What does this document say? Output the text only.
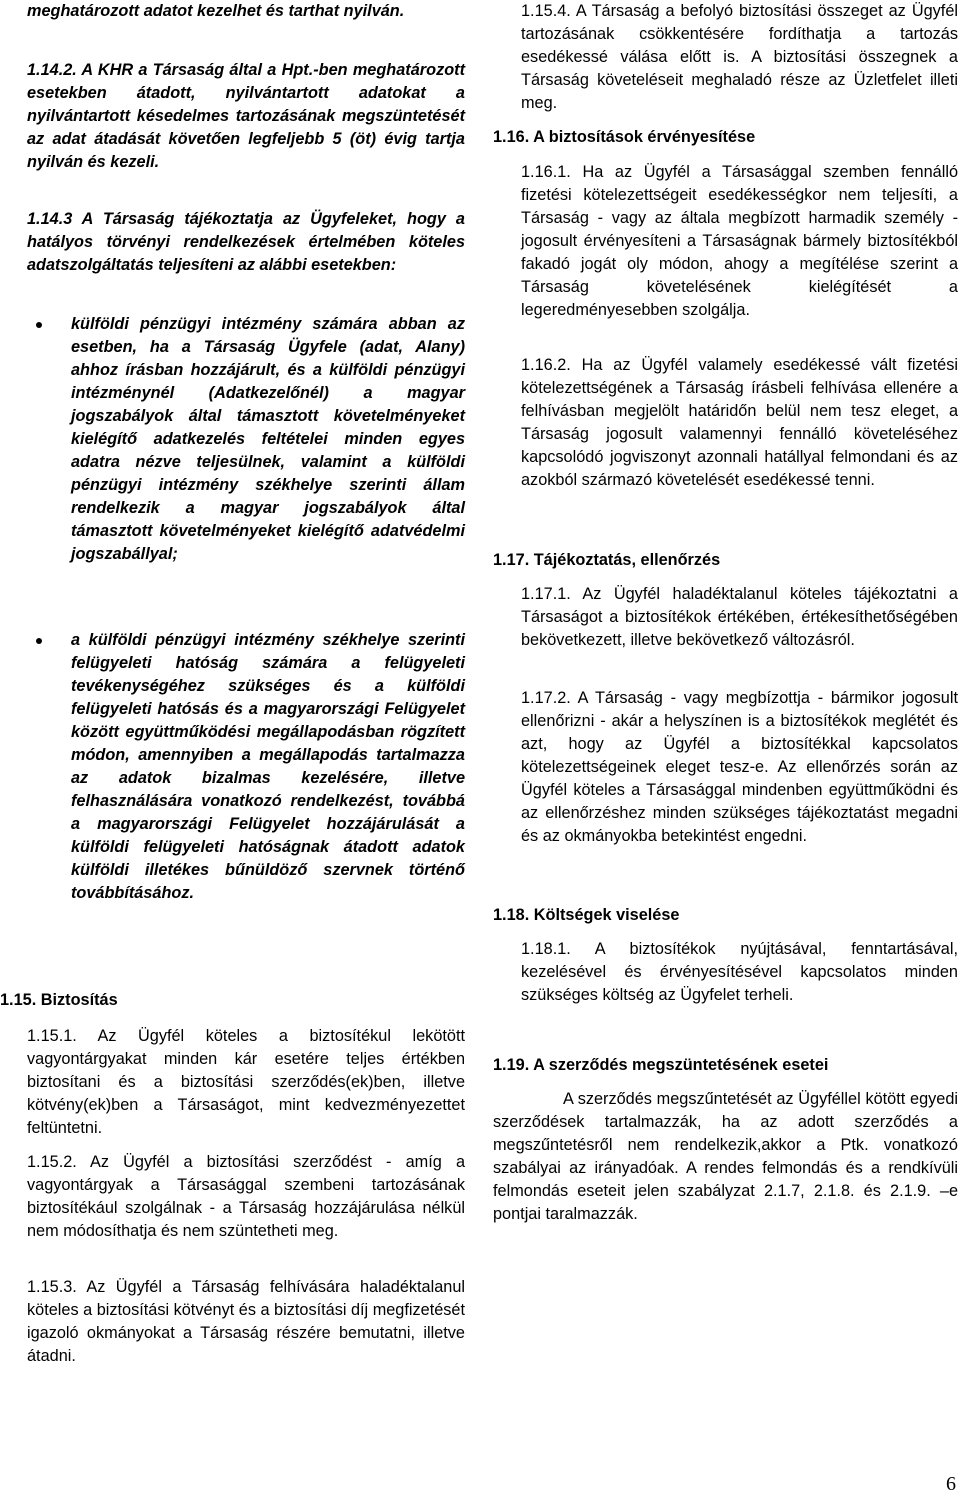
meghatározott adatot kezelhet és tarthat nyilván.

1.14.2. A KHR a Társaság által a Hpt.-ben meghatározott esetekben átadott, nyilvántartott adatokat a nyilvántartott késedelmes tartozásának megszüntetését az adat átadását követően legfeljebb 5 (öt) évig tartja nyilván és kezeli.

1.14.3 A Társaság tájékoztatja az Ügyfeleket, hogy a hatályos törvényi rendelkezések értelmében köteles adatszolgáltatás teljesíteni az alábbi esetekben:

külföldi pénzügyi intézmény számára abban az esetben, ha a Társaság Ügyfele (adat, Alany) ahhoz írásban hozzájárult, és a külföldi pénzügyi intézménynél (Adatkezelőnél) a magyar jogszabályok által támasztott követelményeket kielégítő adatkezelés feltételei minden egyes adatra nézve teljesülnek, valamint a külföldi pénzügyi intézmény székhelye szerinti állam rendelkezik a magyar jogszabályok által támasztott követelményeket kielégítő adatvédelmi jogszabállyal;
a külföldi pénzügyi intézmény székhelye szerinti felügyeleti hatóság számára a felügyeleti tevékenységéhez szükséges és a külföldi felügyeleti hatósás és a magyarországi Felügyelet között együttműködési megállapodásban rögzített módon, amennyiben a megállapodás tartalmazza az adatok bizalmas kezelésére, illetve felhasználására vonatkozó rendelkezést, továbbá a magyarországi Felügyelet hozzájárulását a külföldi felügyeleti hatóságnak átadott adatok külföldi illetékes bűnüldöző szervnek történő továbbításához.

1.15. Biztosítás

1.15.1. Az Ügyfél köteles a biztosítékul lekötött vagyontárgyakat minden kár esetére teljes értékben biztosítani és a biztosítási szerződés(ek)ben, illetve kötvény(ek)ben a Társaságot, mint kedvezményezettet feltüntetni.

1.15.2. Az Ügyfél a biztosítási szerződést - amíg a vagyontárgyak a Társasággal szembeni tartozásának biztosítékául szolgálnak - a Társaság hozzájárulása nélkül nem módosíthatja és nem szüntetheti meg.

1.15.3. Az Ügyfél a Társaság felhívására haladéktalanul köteles a biztosítási kötvényt és a biztosítási díj megfizetését igazoló okmányokat a Társaság részére bemutatni, illetve átadni.

1.15.4. A Társaság a befolyó biztosítási összeget az Ügyfél tartozásának csökkentésére fordíthatja a tartozás esedékessé válása előtt is. A biztosítási összegnek a Társaság követeléseit meghaladó része az Üzletfelet illeti meg.

1.16. A biztosítások érvényesítése

1.16.1. Ha az Ügyfél a Társasággal szemben fennálló fizetési kötelezettségeit esedékességkor nem teljesíti, a Társaság - vagy az általa megbízott harmadik személy - jogosult érvényesíteni a Társaságnak bármely biztosítékból fakadó jogát oly módon, ahogy a megítélése szerint a Társaság követelésének kielégítését a legeredményesebben szolgálja.

1.16.2. Ha az Ügyfél valamely esedékessé vált fizetési kötelezettségének a Társaság írásbeli felhívása ellenére a felhívásban megjelölt határidőn belül nem tesz eleget, a Társaság jogosult valamennyi fennálló követeléséhez kapcsolódó jogviszonyt azonnali hatállyal felmondani és az azokból származó követelését esedékessé tenni.

1.17. Tájékoztatás, ellenőrzés

1.17.1. Az Ügyfél haladéktalanul köteles tájékoztatni a Társaságot a biztosítékok értékében, értékesíthetőségében bekövetkezett, illetve bekövetkező változásról.

1.17.2. A Társaság - vagy megbízottja - bármikor jogosult ellenőrizni - akár a helyszínen is a biztosítékok meglétét és azt, hogy az Ügyfél a biztosítékkal kapcsolatos kötelezettségeinek eleget tesz-e. Az ellenőrzés során az Ügyfél köteles a Társasággal mindenben együttműködni és az ellenőrzéshez minden szükséges tájékoztatást megadni és az okmányokba betekintést engedni.

1.18. Költségek viselése

1.18.1. A biztosítékok nyújtásával, fenntartásával, kezelésével és érvényesítésével kapcsolatos minden szükséges költség az Ügyfelet terheli.

1.19. A szerződés megszüntetésének esetei

A szerződés megszűntetését az Ügyféllel kötött egyedi szerződések tartalmazzák, ha az adott szerződés a megszűntetésről nem rendelkezik,akkor a Ptk. vonatkozó szabályai az irányadóak. A rendes felmondás és a rendkívüli felmondás eseteit jelen szabályzat 2.1.7, 2.1.8. és 2.1.9. –e pontjai taralmazzák.

6
